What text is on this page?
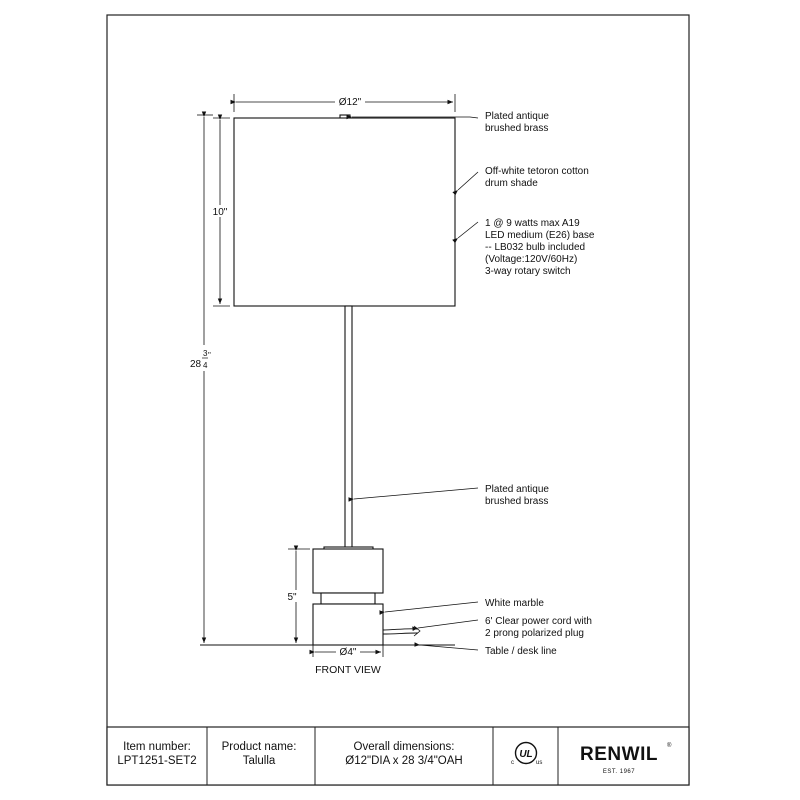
Ø12"
10"
28
3
4
"
5"
Ø4"
FRONT VIEW
Plated antique
brushed brass
Off-white tetoron cotton
drum shade
1 @ 9 watts max A19
LED medium (E26) base
-- LB032 bulb included
(Voltage:120V/60Hz)
3-way rotary switch
Plated antique
brushed brass
White marble
6' Clear power cord with
2 prong polarized plug
Table / desk line
Item number:
LPT1251-SET2
Product name:
Talulla
Overall dimensions:
Ø12"DIA x 28 3/4"OAH
UL
c	us RENWIL ®
EST. 1967
